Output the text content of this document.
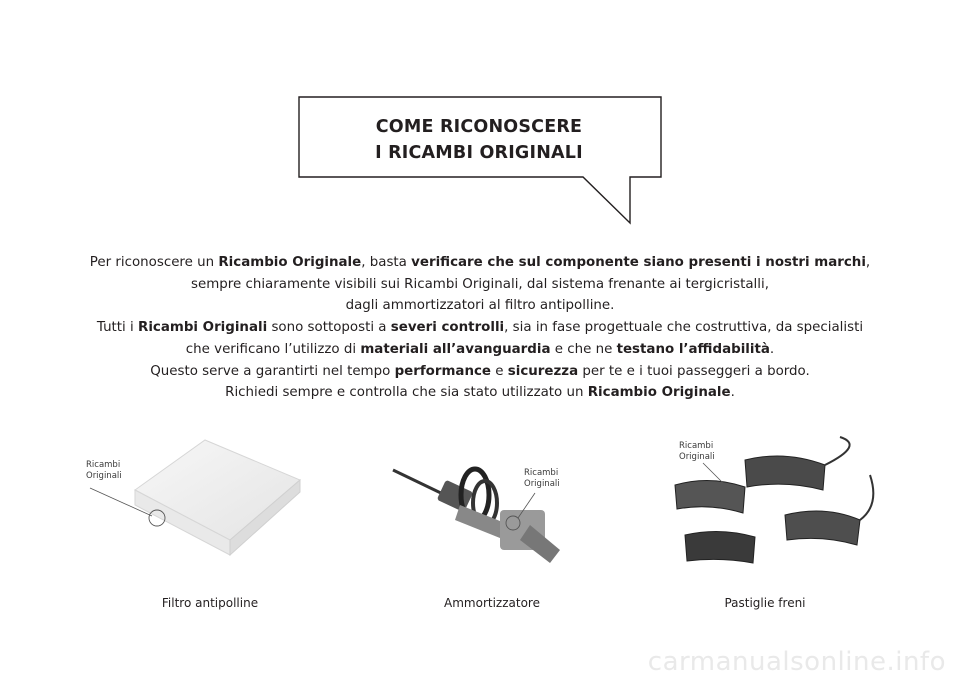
COME RICONOSCERE
I RICAMBI ORIGINALI
Per riconoscere un Ricambio Originale, basta verificare che sul componente siano presenti i nostri marchi,
sempre chiaramente visibili sui Ricambi Originali, dal sistema frenante ai tergicristalli,
dagli ammortizzatori al filtro antipolline.
Tutti i Ricambi Originali sono sottoposti a severi controlli, sia in fase progettuale che costruttiva, da specialisti
che verificano l’utilizzo di materiali all’avanguardia e che ne testano l’affidabilità.
Questo serve a garantirti nel tempo performance e sicurezza per te e i tuoi passeggeri a bordo.
Richiedi sempre e controlla che sia stato utilizzato un Ricambio Originale.
Ricambi
Originali	Ricambi
Originali
Ricambi
Originali
Filtro antipolline	Ammortizzatore	Pastiglie freni
carmanualsonline.info
